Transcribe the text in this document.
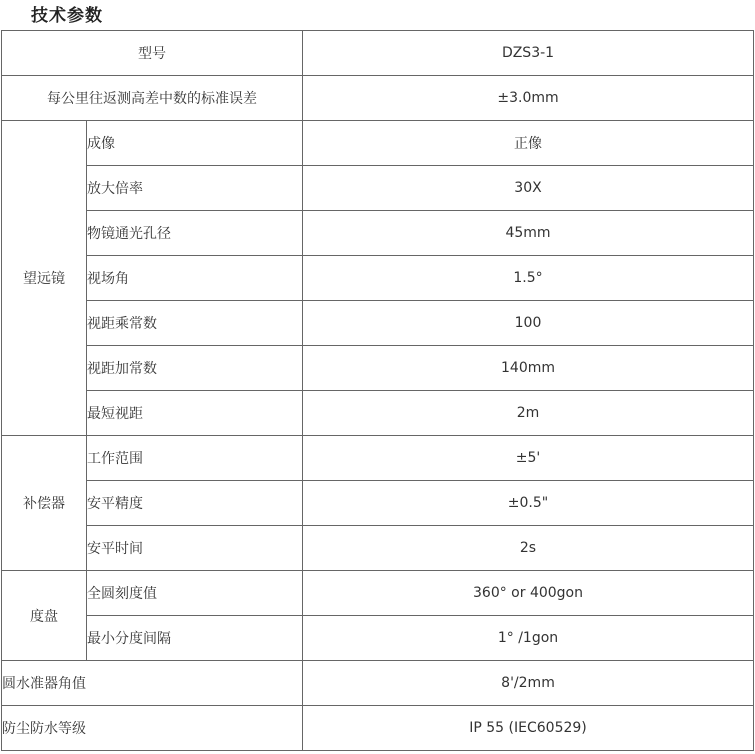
技术参数
型号		DZS3-1
每公里往返测高差中数的标准误差		±3.0mm
望远镜	成像	正像
	放大倍率	30X
	物镜通光孔径	45mm
	视场角	1.5°
	视距乘常数	100
	视距加常数	140mm
	最短视距	2m
补偿器	工作范围	±5'
	安平精度	±0.5"
	安平时间	2s
度盘	全圆刻度值	360° or 400gon
	最小分度间隔	1° /1gon
圆水准器角值		8'/2mm
防尘防水等级		IP 55 (IEC60529)
